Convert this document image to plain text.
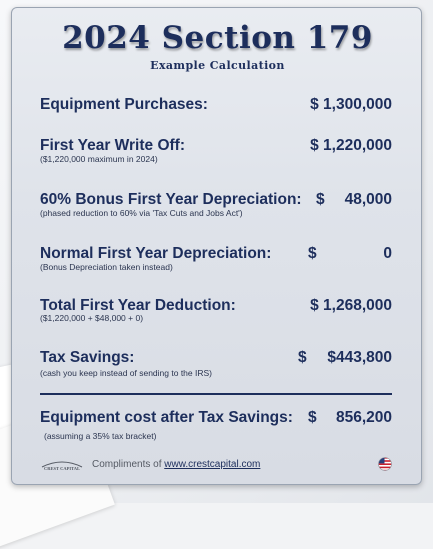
2024 Section 179
Example Calculation
Equipment Purchases:	$ 1,300,000
First Year Write Off:	$ 1,220,000
($1,220,000 maximum in 2024)
60% Bonus First Year Depreciation: $ 48,000
(phased reduction to 60% via 'Tax Cuts and Jobs Act')
Normal First Year Depreciation: $	0
(Bonus Depreciation taken instead)
Total First Year Deduction:	$ 1,268,000
($1,220,000 + $48,000 + 0)
Tax Savings:	$ $443,800
(cash you keep instead of sending to the IRS)
Equipment cost after Tax Savings: $ 856,200
(assuming a 35% tax bracket)
CREST CAPITAL Compliments of www.crestcapital.com
